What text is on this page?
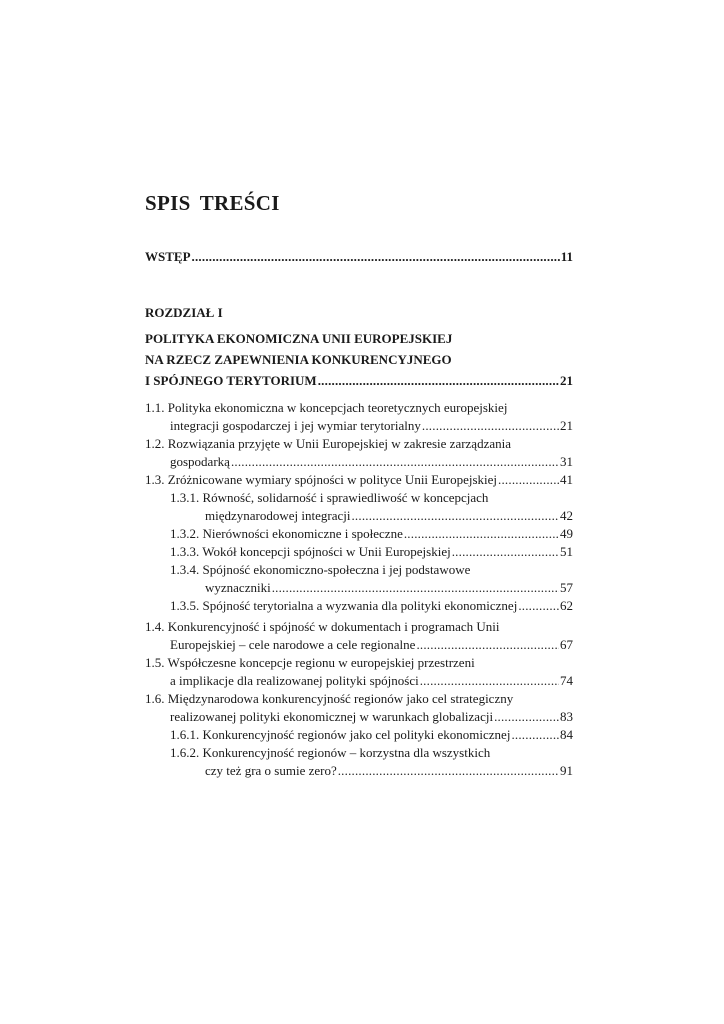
SPIS TREŚCI
WSTĘP .....	11
ROZDZIAŁ I
POLITYKA EKONOMICZNA UNII EUROPEJSKIEJ
NA RZECZ ZAPEWNIENIA KONKURENCYJNEGO
I SPÓJNEGO TERYTORIUM .....	21
1.1. Polityka ekonomiczna w koncepcjach teoretycznych europejskiej
integracji gospodarczej i jej wymiar terytorialny .....	21
1.2. Rozwiązania przyjęte w Unii Europejskiej w zakresie zarządzania
gospodarką .....	31
1.3. Zróżnicowane wymiary spójności w polityce Unii Europejskiej .....	41
1.3.1. Równość, solidarność i sprawiedliwość w koncepcjach
międzynarodowej integracji .....	42
1.3.2. Nierówności ekonomiczne i społeczne .....	49
1.3.3. Wokół koncepcji spójności w Unii Europejskiej .....	51
1.3.4. Spójność ekonomiczno-społeczna i jej podstawowe
wyznaczniki .....	57
1.3.5. Spójność terytorialna a wyzwania dla polityki ekonomicznej .....	62
1.4. Konkurencyjność i spójność w dokumentach i programach Unii
Europejskiej – cele narodowe a cele regionalne .....	67
1.5. Współczesne koncepcje regionu w europejskiej przestrzeni
a implikacje dla realizowanej polityki spójności .....	74
1.6. Międzynarodowa konkurencyjność regionów jako cel strategiczny
realizowanej polityki ekonomicznej w warunkach globalizacji .....	83
1.6.1. Konkurencyjność regionów jako cel polityki ekonomicznej .....	84
1.6.2. Konkurencyjność regionów – korzystna dla wszystkich
czy też gra o sumie zero? .....	91
